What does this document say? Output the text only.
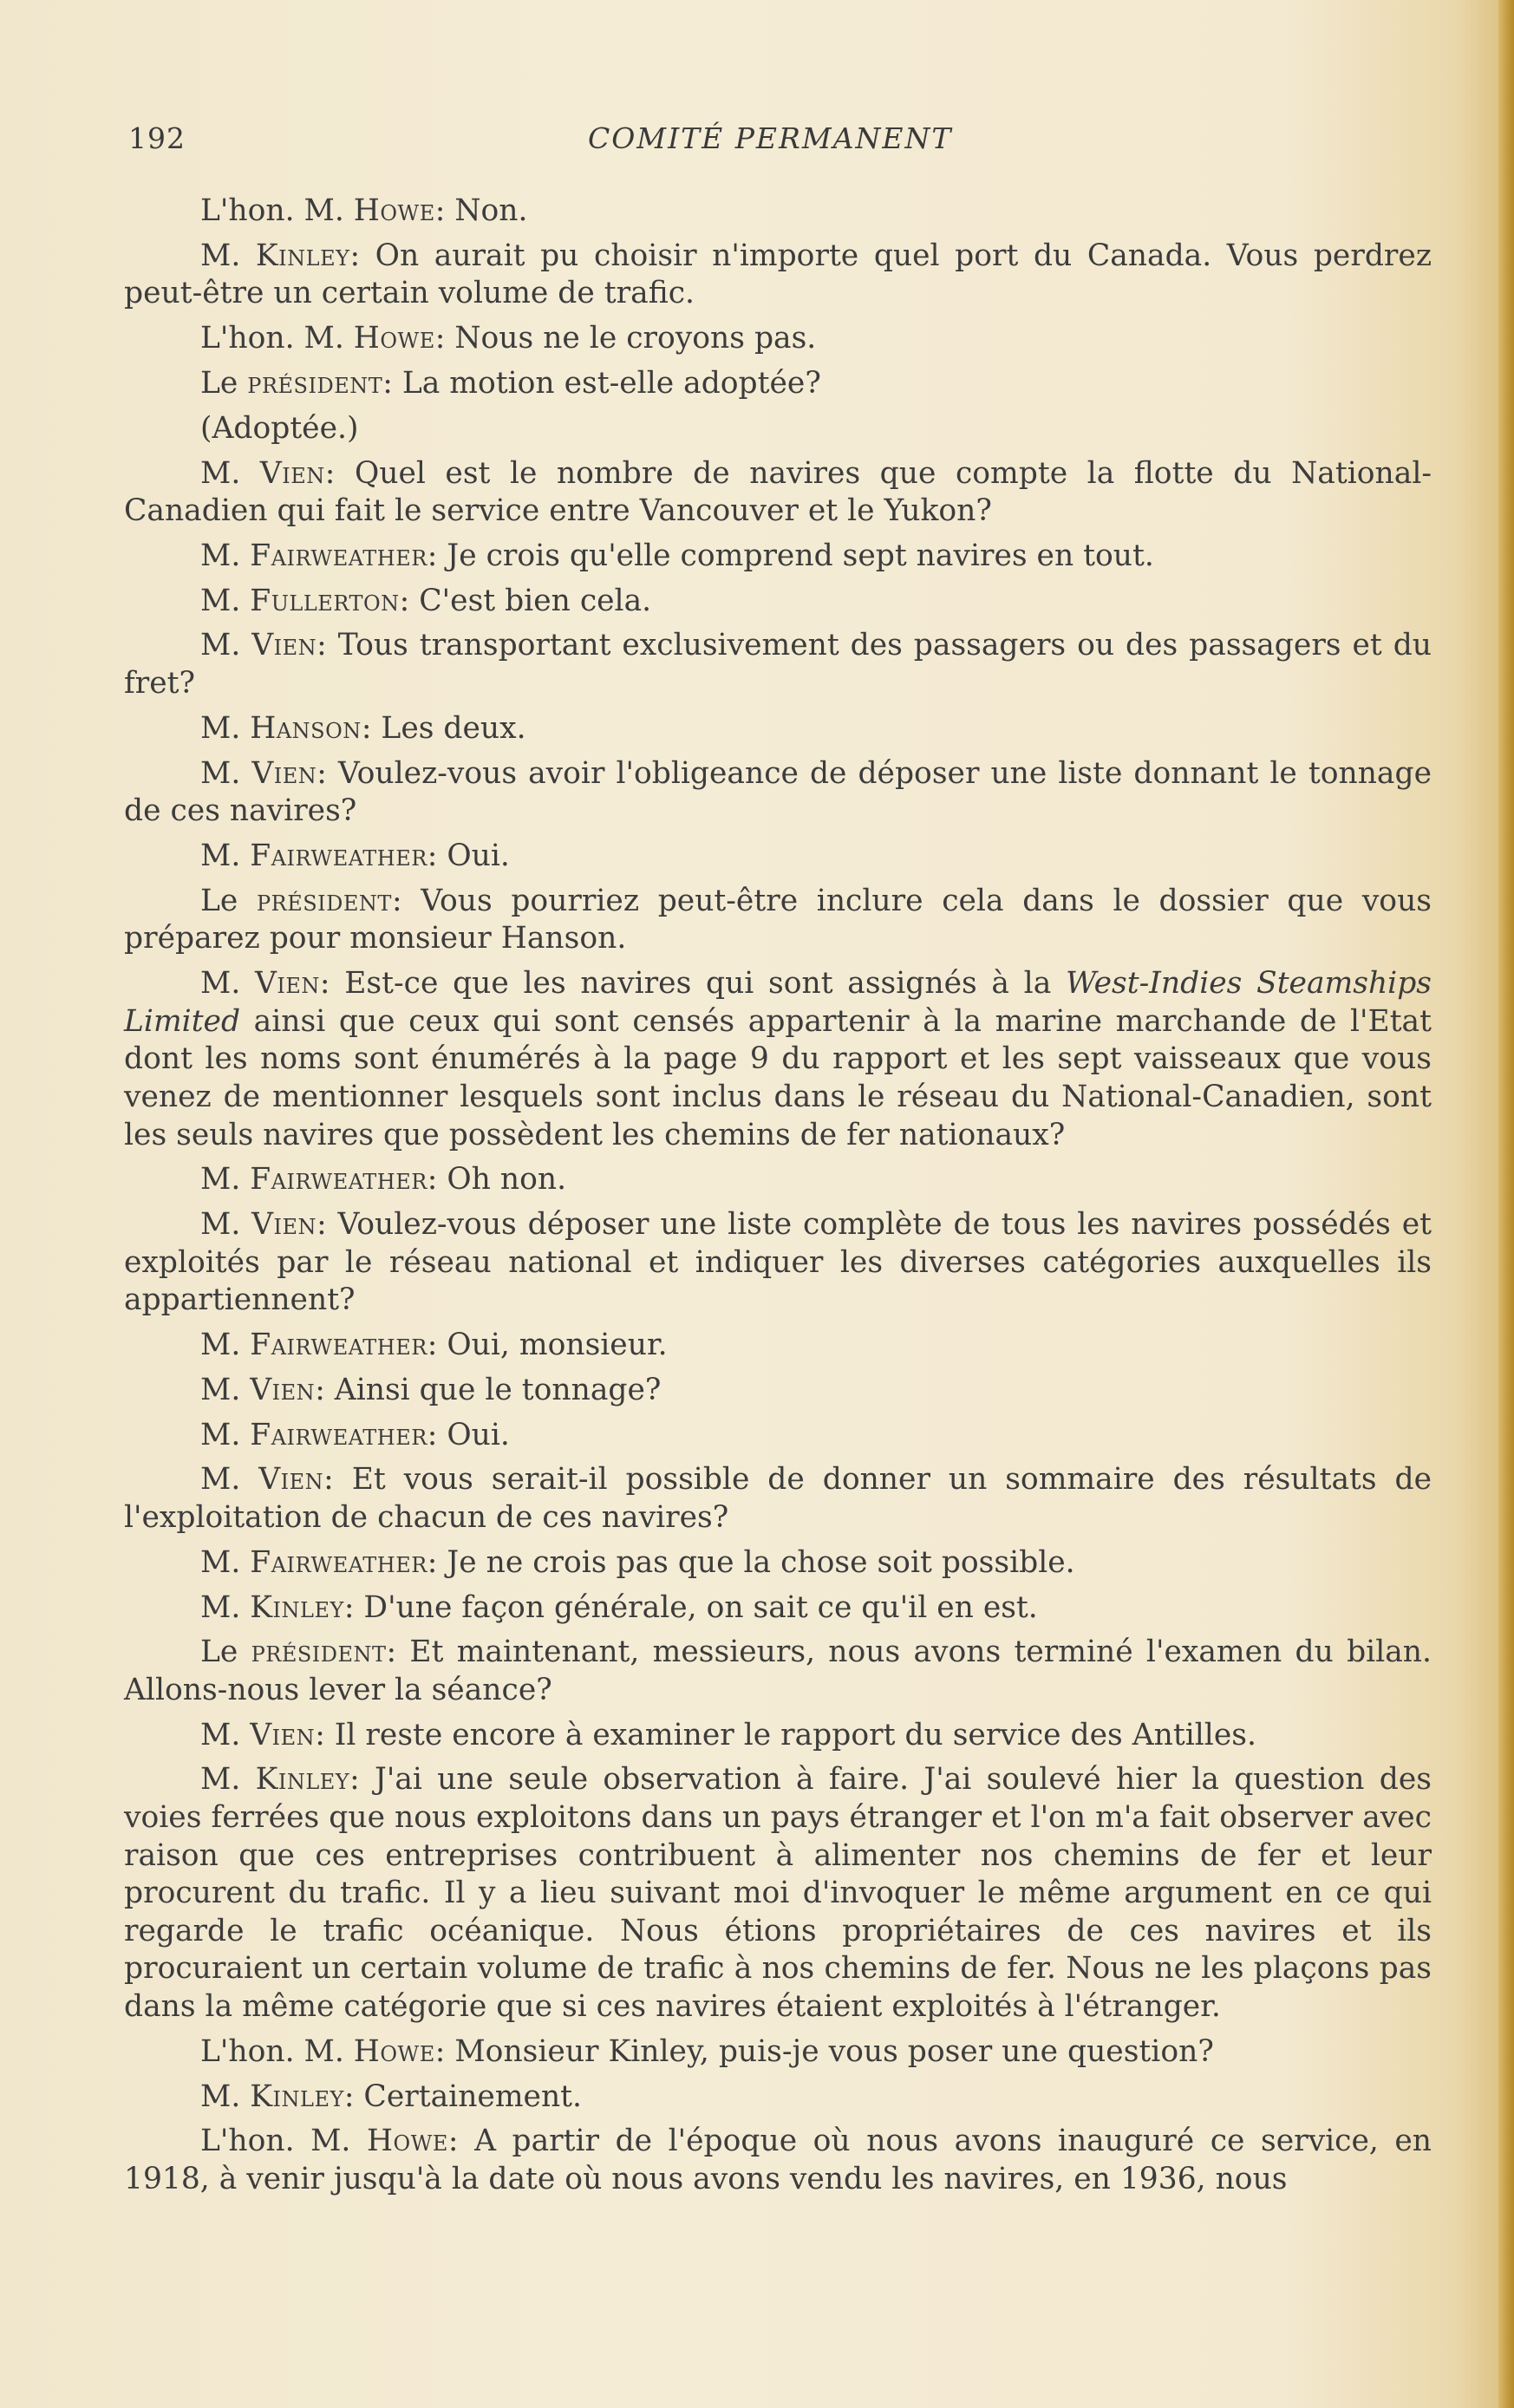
192	COMITÉ PERMANENT

L'hon. M. Howe: Non.

M. Kinley: On aurait pu choisir n'importe quel port du Canada. Vous perdrez peut-être un certain volume de trafic.

L'hon. M. Howe: Nous ne le croyons pas.

Le président: La motion est-elle adoptée?

(Adoptée.)

M. Vien: Quel est le nombre de navires que compte la flotte du National-Canadien qui fait le service entre Vancouver et le Yukon?

M. Fairweather: Je crois qu'elle comprend sept navires en tout.

M. Fullerton: C'est bien cela.

M. Vien: Tous transportant exclusivement des passagers ou des passagers et du fret?

M. Hanson: Les deux.

M. Vien: Voulez-vous avoir l'obligeance de déposer une liste donnant le tonnage de ces navires?

M. Fairweather: Oui.

Le président: Vous pourriez peut-être inclure cela dans le dossier que vous préparez pour monsieur Hanson.

M. Vien: Est-ce que les navires qui sont assignés à la West-Indies Steamships Limited ainsi que ceux qui sont censés appartenir à la marine marchande de l'Etat dont les noms sont énumérés à la page 9 du rapport et les sept vaisseaux que vous venez de mentionner lesquels sont inclus dans le réseau du National-Canadien, sont les seuls navires que possèdent les chemins de fer nationaux?

M. Fairweather: Oh non.

M. Vien: Voulez-vous déposer une liste complète de tous les navires possédés et exploités par le réseau national et indiquer les diverses catégories auxquelles ils appartiennent?

M. Fairweather: Oui, monsieur.

M. Vien: Ainsi que le tonnage?

M. Fairweather: Oui.

M. Vien: Et vous serait-il possible de donner un sommaire des résultats de l'exploitation de chacun de ces navires?

M. Fairweather: Je ne crois pas que la chose soit possible.

M. Kinley: D'une façon générale, on sait ce qu'il en est.

Le président: Et maintenant, messieurs, nous avons terminé l'examen du bilan. Allons-nous lever la séance?

M. Vien: Il reste encore à examiner le rapport du service des Antilles.

M. Kinley: J'ai une seule observation à faire. J'ai soulevé hier la question des voies ferrées que nous exploitons dans un pays étranger et l'on m'a fait observer avec raison que ces entreprises contribuent à alimenter nos chemins de fer et leur procurent du trafic. Il y a lieu suivant moi d'invoquer le même argument en ce qui regarde le trafic océanique. Nous étions propriétaires de ces navires et ils procuraient un certain volume de trafic à nos chemins de fer. Nous ne les plaçons pas dans la même catégorie que si ces navires étaient exploités à l'étranger.

L'hon. M. Howe: Monsieur Kinley, puis-je vous poser une question?

M. Kinley: Certainement.

L'hon. M. Howe: A partir de l'époque où nous avons inauguré ce service, en 1918, à venir jusqu'à la date où nous avons vendu les navires, en 1936, nous
